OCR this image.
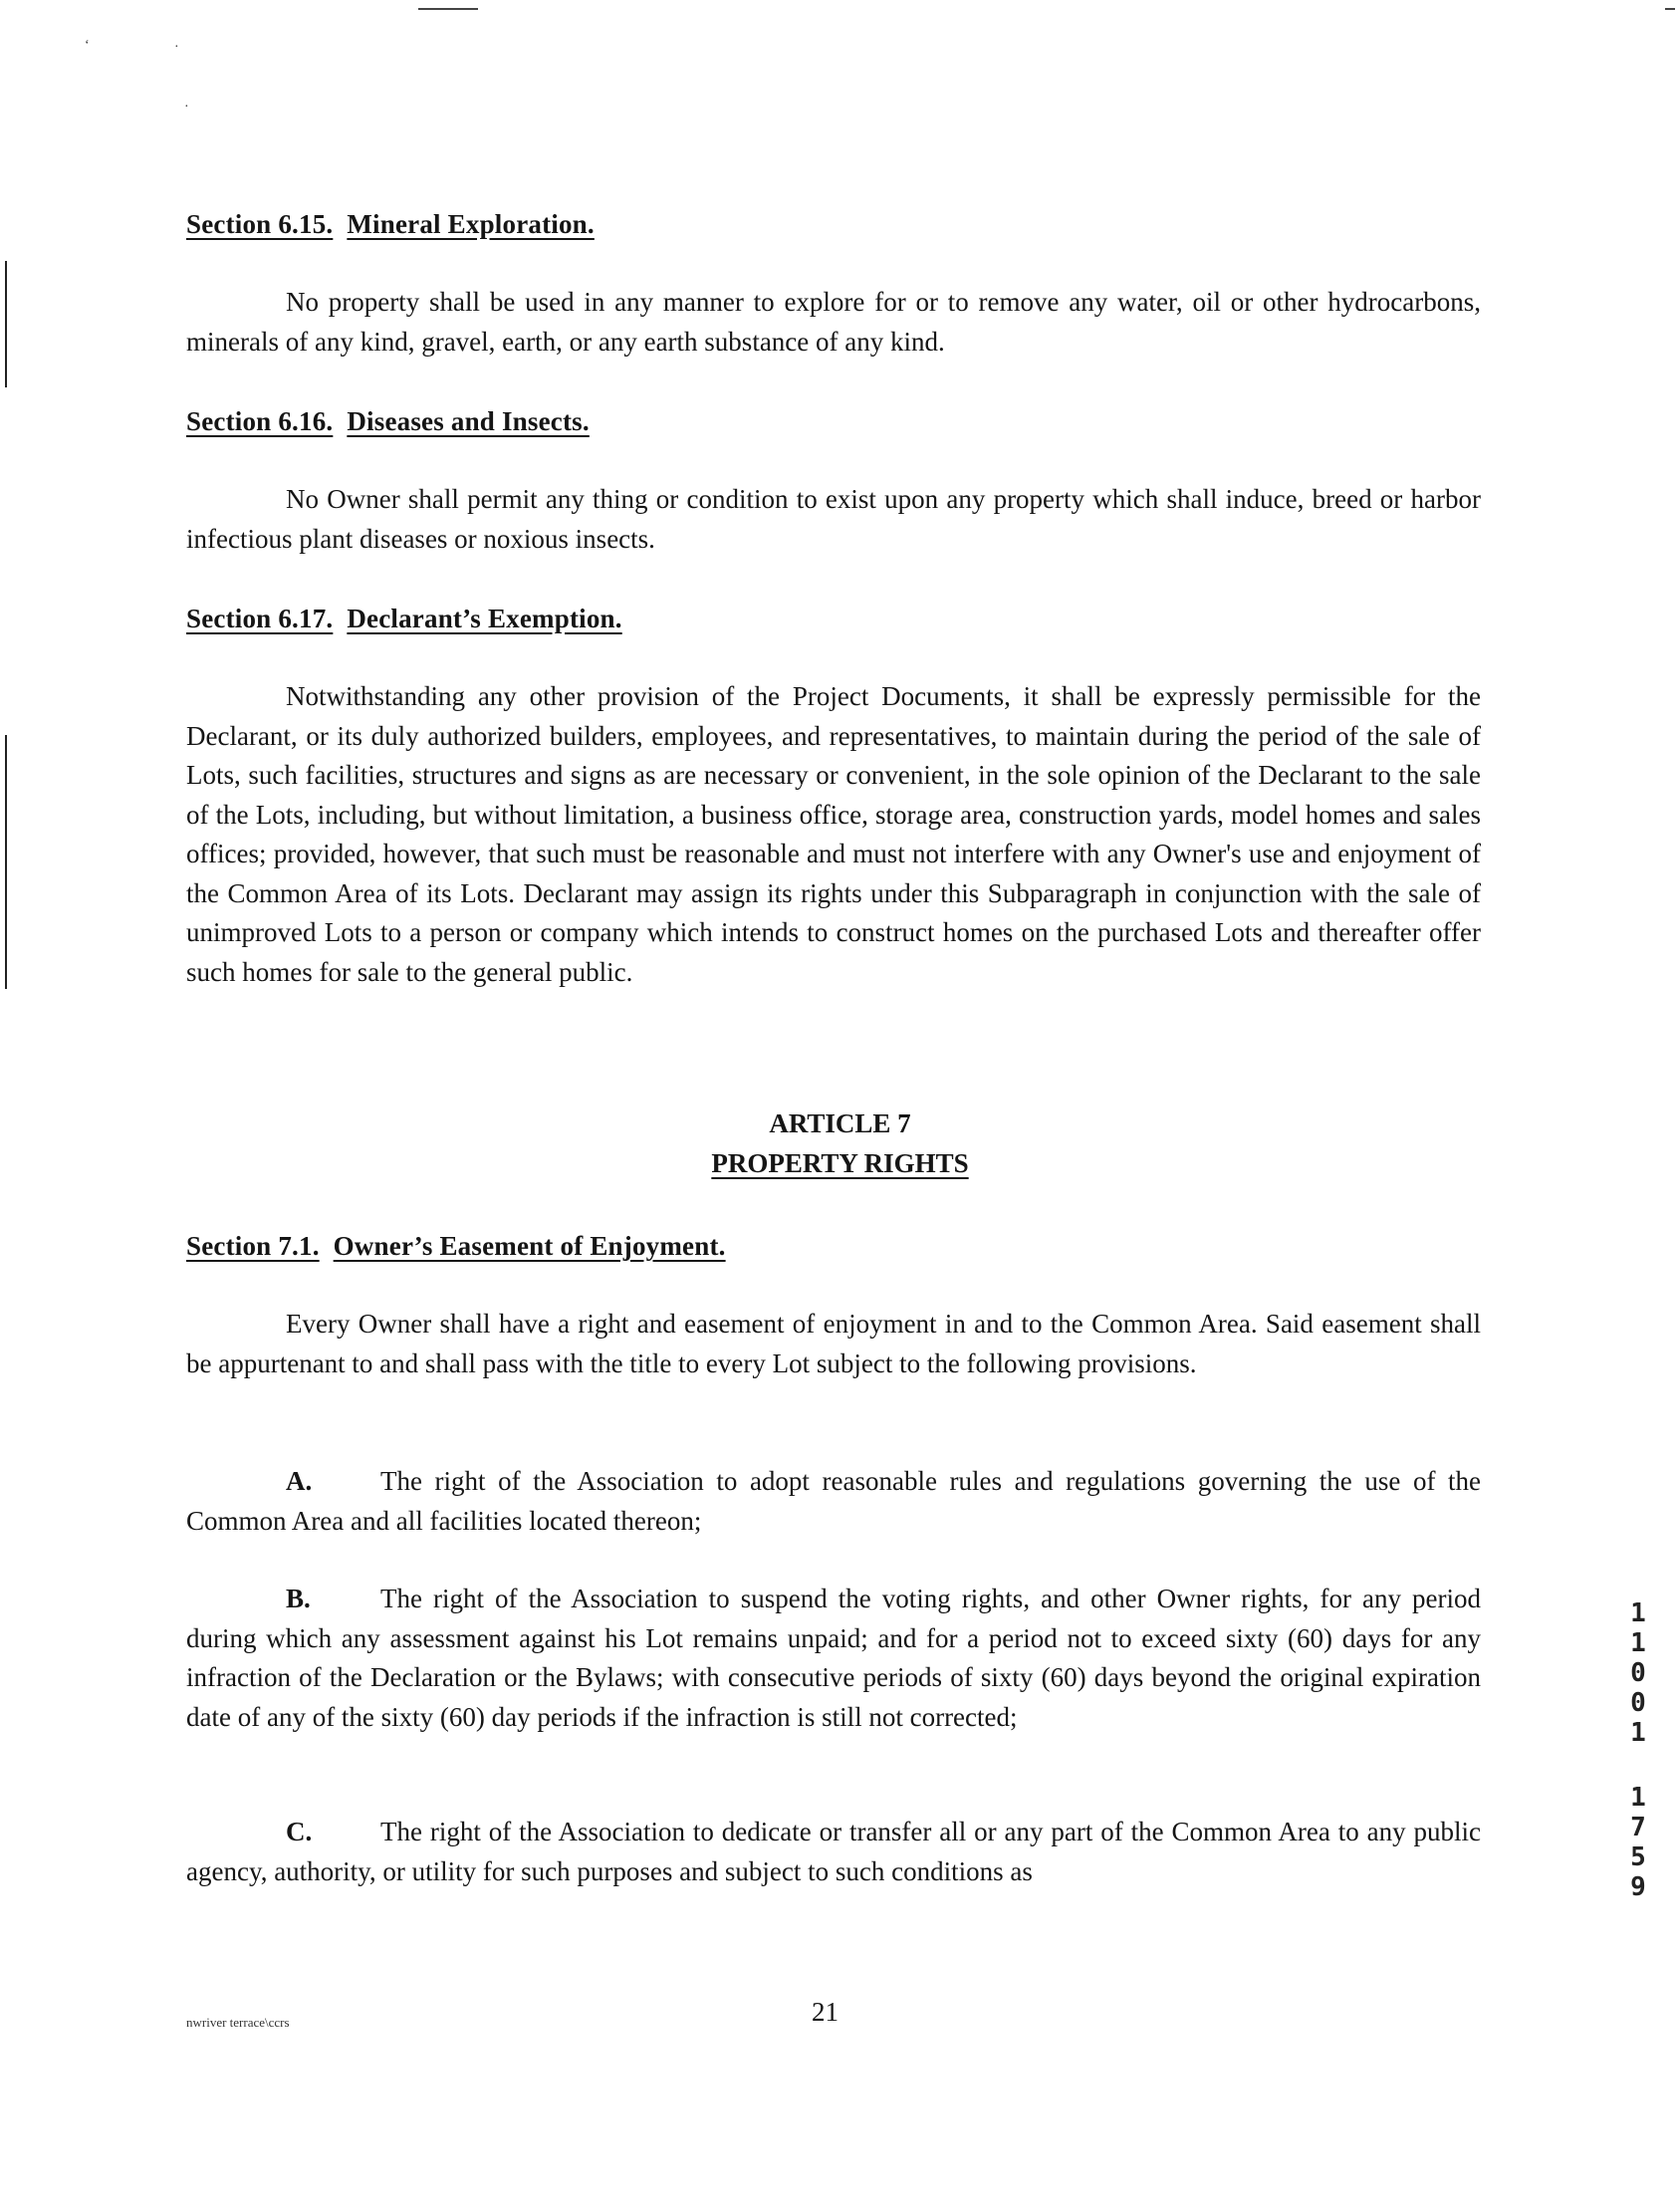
ʻ	·
·
Section 6.15. Mineral Exploration.
No property shall be used in any manner to explore for or to remove any water, oil or other hydrocarbons, minerals of any kind, gravel, earth, or any earth substance of any kind.
Section 6.16. Diseases and Insects.
No Owner shall permit any thing or condition to exist upon any property which shall induce, breed or harbor infectious plant diseases or noxious insects.
Section 6.17. Declarant’s Exemption.
Notwithstanding any other provision of the Project Documents, it shall be expressly permissible for the Declarant, or its duly authorized builders, employees, and representatives, to maintain during the period of the sale of Lots, such facilities, structures and signs as are necessary or convenient, in the sole opinion of the Declarant to the sale of the Lots, including, but without limitation, a business office, storage area, construction yards, model homes and sales offices; provided, however, that such must be reasonable and must not interfere with any Owner's use and enjoyment of the Common Area of its Lots. Declarant may assign its rights under this Subparagraph in conjunction with the sale of unimproved Lots to a person or company which intends to construct homes on the purchased Lots and thereafter offer such homes for sale to the general public.
ARTICLE 7
PROPERTY RIGHTS
Section 7.1. Owner’s Easement of Enjoyment.
Every Owner shall have a right and easement of enjoyment in and to the Common Area. Said easement shall be appurtenant to and shall pass with the title to every Lot subject to the following provisions.
A.	The right of the Association to adopt reasonable rules and regulations governing the use of the Common Area and all facilities located thereon;
B.	The right of the Association to suspend the voting rights, and other Owner rights, for any period during which any assessment against his Lot remains unpaid; and for a period not to exceed sixty (60) days for any infraction of the Declaration or the Bylaws; with consecutive periods of sixty (60) days beyond the original expiration date of any of the sixty (60) day periods if the infraction is still not corrected;
C.	The right of the Association to dedicate or transfer all or any part of the Common Area to any public agency, authority, or utility for such purposes and subject to such conditions as
1
1
0
0
1
1
7
5
9
nwriver terrace\ccrs	21
